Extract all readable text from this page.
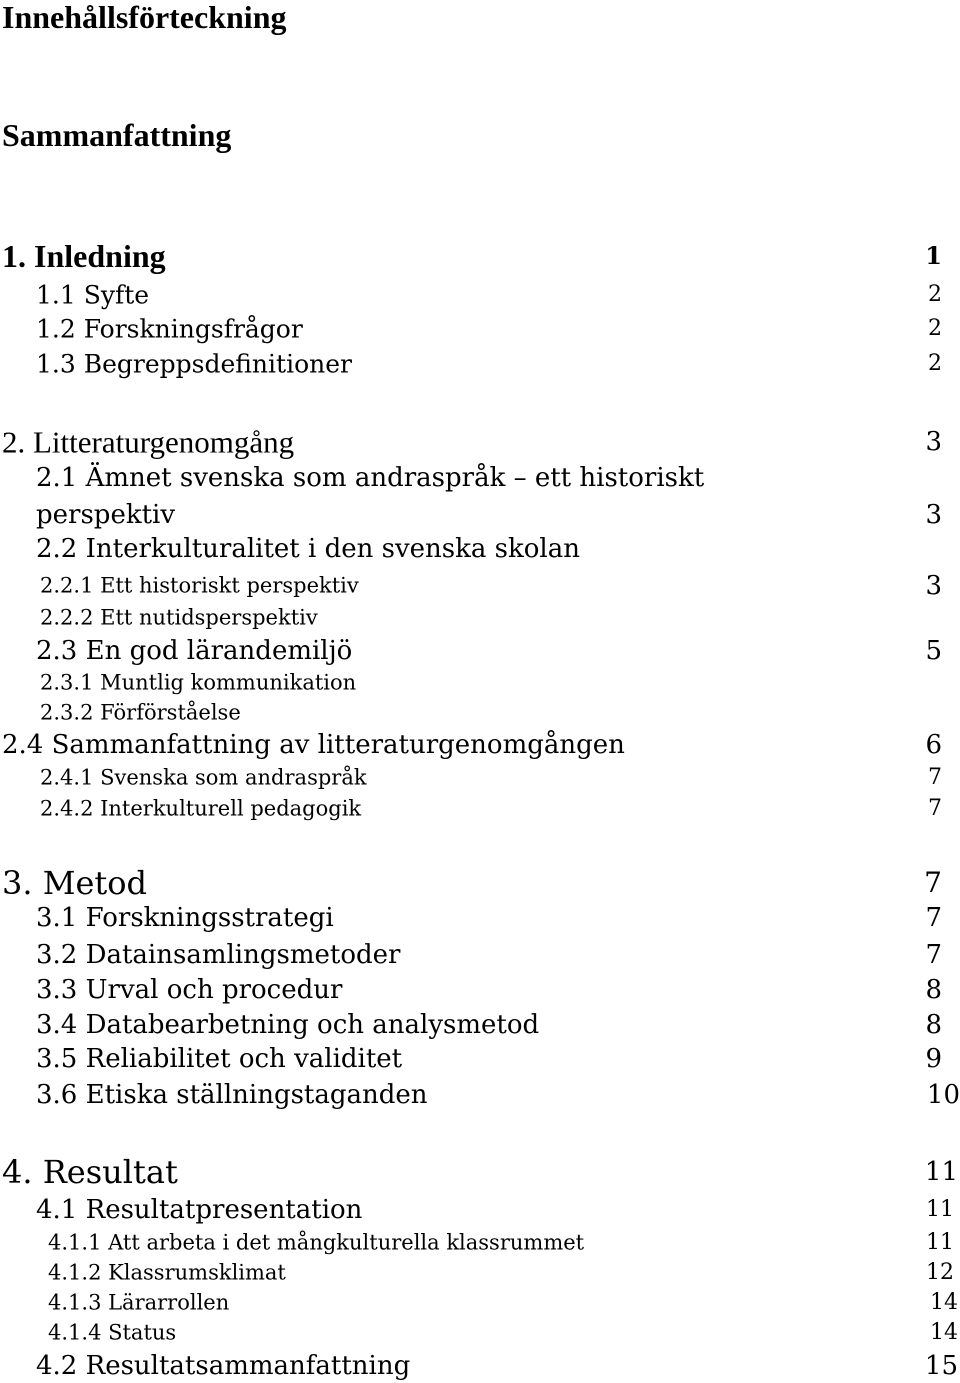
Innehållsförteckning
Sammanfattning
1. Inledning	1
1.1 Syfte	2
1.2 Forskningsfrågor	2
1.3 Begreppsdefinitioner	2
2. Litteraturgenomgång	3
2.1 Ämnet svenska som andraspråk – ett historiskt
perspektiv	3
2.2 Interkulturalitet i den svenska skolan
2.2.1 Ett historiskt perspektiv	3
2.2.2 Ett nutidsperspektiv
2.3 En god lärandemiljö	5
2.3.1 Muntlig kommunikation
2.3.2 Förförståelse
2.4 Sammanfattning av litteraturgenomgången	6
2.4.1 Svenska som andraspråk	7
2.4.2 Interkulturell pedagogik	7
3. Metod	7
3.1 Forskningsstrategi	7
3.2 Datainsamlingsmetoder	7
3.3 Urval och procedur	8
3.4 Databearbetning och analysmetod	8
3.5 Reliabilitet och validitet	9
3.6 Etiska ställningstaganden	10
4. Resultat	11
4.1 Resultatpresentation	11
4.1.1 Att arbeta i det mångkulturella klassrummet	11
4.1.2 Klassrumsklimat	12
4.1.3 Lärarrollen	14
4.1.4 Status	14
4.2 Resultatsammanfattning	15
